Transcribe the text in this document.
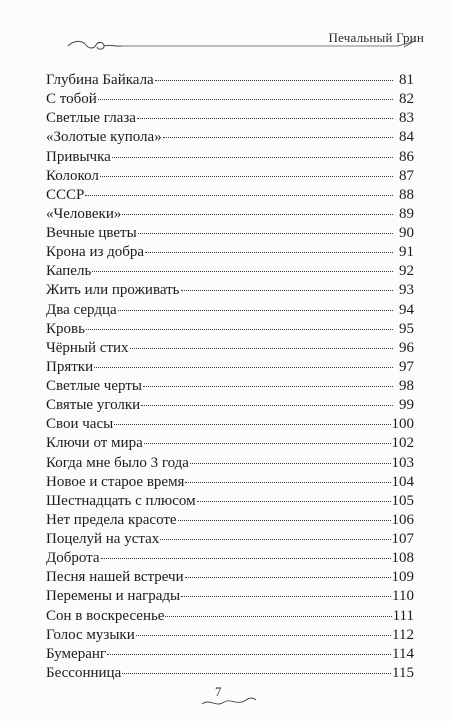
Печальный Грин
Глубина Байкала	81
С тобой	82
Светлые глаза	83
«Золотые купола»	84
Привычка	86
Колокол	87
СССР	88
«Человеки»	89
Вечные цветы	90
Крона из добра	91
Капель	92
Жить или проживать	93
Два сердца	94
Кровь	95
Чёрный стих	96
Прятки	97
Светлые черты	98
Святые уголки	99
Свои часы	100
Ключи от мира	102
Когда мне было 3 года	103
Новое и старое время	104
Шестнадцать с плюсом	105
Нет предела красоте	106
Поцелуй на устах	107
Доброта	108
Песня нашей встречи	109
Перемены и награды	110
Сон в воскресенье	111
Голос музыки	112
Бумеранг	114
Бессонница	115
7
